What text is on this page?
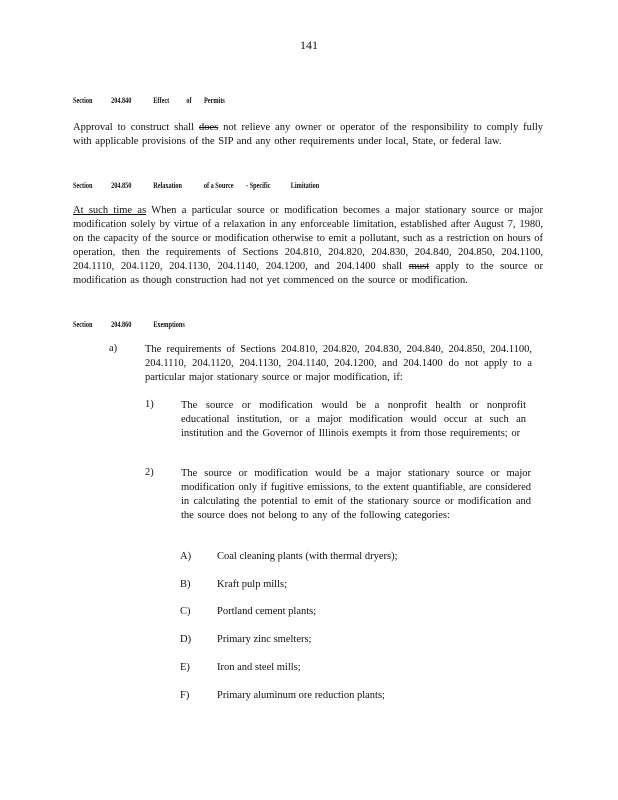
141
Section 204.840	Effect of Permits
Approval to construct shall does not relieve any owner or operator of the responsibility to comply fully with applicable provisions of the SIP and any other requirements under local, State, or federal law.
Section 204.850	Relaxation	of a Source - Specific	Limitation
At such time as When a particular source or modification becomes a major stationary source or major modification solely by virtue of a relaxation in any enforceable limitation, established after August 7, 1980, on the capacity of the source or modification otherwise to emit a pollutant, such as a restriction on hours of operation, then the requirements of Sections 204.810, 204.820, 204.830, 204.840, 204.850, 204.1100, 204.1110, 204.1120, 204.1130, 204.1140, 204.1200, and 204.1400 shall must apply to the source or modification as though construction had not yet commenced on the source or modification.
Section 204.860	Exemptions
a)	The requirements of Sections 204.810, 204.820, 204.830, 204.840, 204.850, 204.1100, 204.1110, 204.1120, 204.1130, 204.1140, 204.1200, and 204.1400 do not apply to a particular major stationary source or major modification, if:
1)	The source or modification would be a nonprofit health or nonprofit educational institution, or a major modification would occur at such an institution and the Governor of Illinois exempts it from those requirements; or
2)	The source or modification would be a major stationary source or major modification only if fugitive emissions, to the extent quantifiable, are considered in calculating the potential to emit of the stationary source or modification and the source does not belong to any of the following categories:
A) Coal cleaning plants (with thermal dryers);
B)	Kraft pulp mills;
C)	Portland cement plants;
D) Primary zinc smelters;
E)	Iron and steel mills;
F)	Primary aluminum ore reduction plants;
